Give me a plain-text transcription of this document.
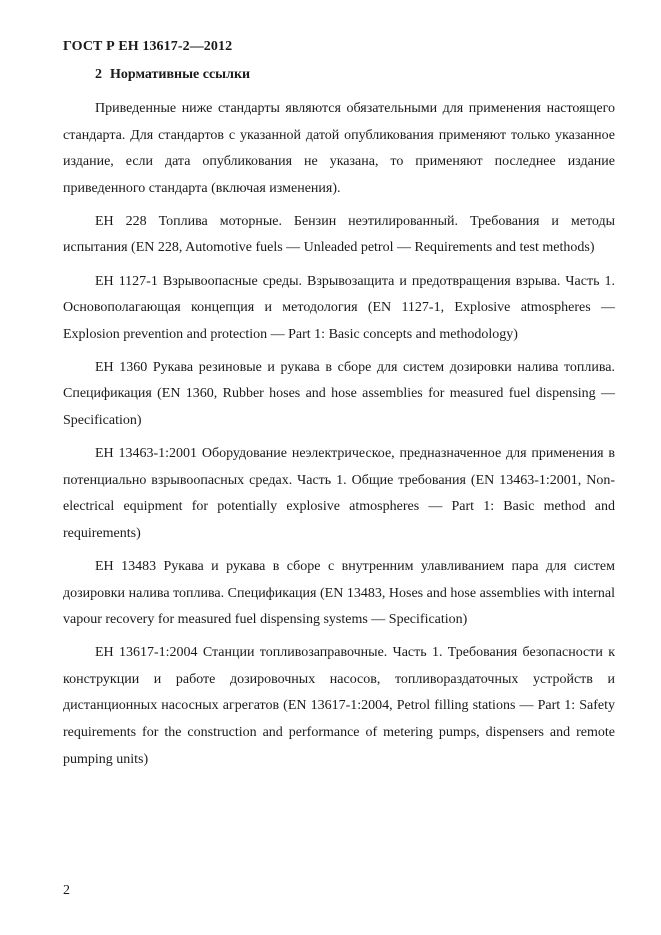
ГОСТ Р ЕН 13617-2—2012
2 Нормативные ссылки

Приведенные ниже стандарты являются обязательными для применения настоящего стандарта. Для стандартов с указанной датой опубликования применяют только указанное издание, если дата опубликования не указана, то применяют последнее издание приведенного стандарта (включая изменения).

ЕН 228 Топлива моторные. Бензин неэтилированный. Требования и методы испытания (EN 228, Automotive fuels — Unleaded petrol — Requirements and test methods)

ЕН 1127-1 Взрывоопасные среды. Взрывозащита и предотвращения взрыва. Часть 1. Основополагающая концепция и методология (EN 1127-1, Explosive atmospheres — Explosion prevention and protection — Part 1: Basic concepts and methodology)

ЕН 1360 Рукава резиновые и рукава в сборе для систем дозировки налива топлива. Спецификация (EN 1360, Rubber hoses and hose assemblies for measured fuel dispensing — Specification)

ЕН 13463-1:2001 Оборудование неэлектрическое, предназначенное для применения в потенциально взрывоопасных средах. Часть 1. Общие требования (EN 13463-1:2001, Non-electrical equipment for potentially explosive atmospheres — Part 1: Basic method and requirements)

ЕН 13483 Рукава и рукава в сборе с внутренним улавливанием пара для систем дозировки налива топлива. Спецификация (EN 13483, Hoses and hose assemblies with internal vapour recovery for measured fuel dispensing systems — Specification)

ЕН 13617-1:2004 Станции топливозаправочные. Часть 1. Требования безопасности к конструкции и работе дозировочных насосов, топливораздаточных устройств и дистанционных насосных агрегатов (EN 13617-1:2004, Petrol filling stations — Part 1: Safety requirements for the construction and performance of metering pumps, dispensers and remote pumping units)

2
